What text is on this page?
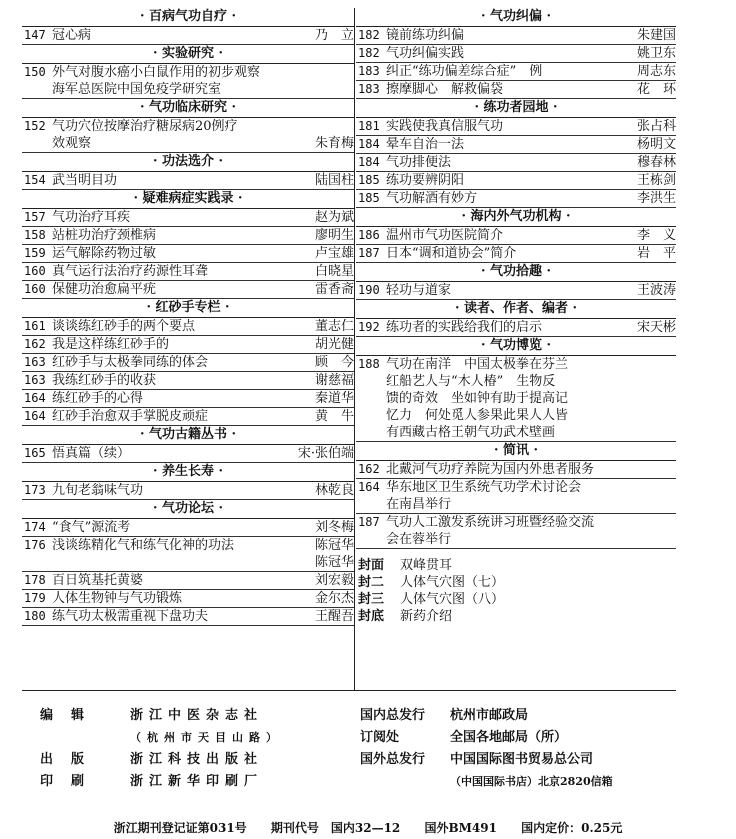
· 百病气功自疗 ·
147 冠心病	乃　立
· 实验研究 ·
150 外气对腹水癌小白鼠作用的初步观察
海军总医院中国免疫学研究室
· 气功临床研究 ·
152 气功穴位按摩治疗糖尿病20例疗
效观察	朱育梅
· 功法选介 ·
154 武当明目功	陆国柱
· 疑难病症实践录 ·
157 气功治疗耳疾	赵为斌
158 站桩功治疗颈椎病	廖明生
159 运气解除药物过敏	卢宝雄
160 真气运行法治疗药源性耳聋	白晓星
160 保健功治愈扁平疣	雷香斋
· 红砂手专栏 ·
161 谈谈练红砂手的两个要点	董志仁
162 我是这样练红砂手的	胡光健
163 红砂手与太极拳同练的体会	顾　今
163 我练红砂手的收获	谢慈福
164 练红砂手的心得	秦道华
164 红砂手治愈双手掌脱皮顽症	黄　牛
· 气功古籍丛书 ·
165 悟真篇（续）	宋·张伯端
· 养生长寿 ·
173 九旬老翁味气功	林乾良
· 气功论坛 ·
174 “食气”源流考	刘冬梅
176 浅谈练精化气和练气化神的功法	陈冠华
陈冠华
178 百日筑基托黄婆	刘宏毅
179 人体生物钟与气功锻炼	金尔杰
180 练气功太极需重视下盘功夫	王醒吾
· 气功纠偏 ·
182 镜前练功纠偏	朱建国
182 气功纠偏实践	姚卫东
183 纠正“练功偏差综合症”　例	周志东
183 擦摩脚心　解救偏袋	花　环
· 练功者园地 ·
181 实践使我真信服气功	张占科
184 晕车自治一法	杨明文
184 气功排便法	穆春林
185 练功要辨阴阳	王栋剑
185 气功解酒有妙方	李洪生
· 海内外气功机构 ·
186 温州市气功医院简介	李　义
187 日本“调和道协会”简介	岩　平
· 气功拾趣 ·
190 轻功与道家	王波涛
· 读者、作者、编者 ·
192 练功者的实践给我们的启示	宋天彬
· 气功博览 ·
188 气功在南洋　中国太极拳在芬兰
红船艺人与“木人椿”　生物反
馈的奇效　坐如钟有助于提高记
忆力　何处觅人参果此果人人皆
有西藏古格王朝气功武术壁画
· 简讯 ·
162 北戴河气功疗养院为国内外患者服务
164 华东地区卫生系统气功学术讨论会
在南昌举行
187 气功人工激发系统讲习班暨经验交流
会在蓉举行
封面	双峰贯耳
封二	人体气穴图（七）
封三	人体气穴图（八）
封底	新药介绍
编辑	浙江中医杂志社	国内总发行	杭州市邮政局
（杭州市天目山路）	订阅处	全国各地邮局（所）
出版	浙江科技出版社	国外总发行	中国国际图书贸易总公司
印刷	浙江新华印刷厂	（中国国际书店）北京2820信箱
浙江期刊登记证第031号 期刊代号　国内32—12 国外BM491 国内定价：0.25元
